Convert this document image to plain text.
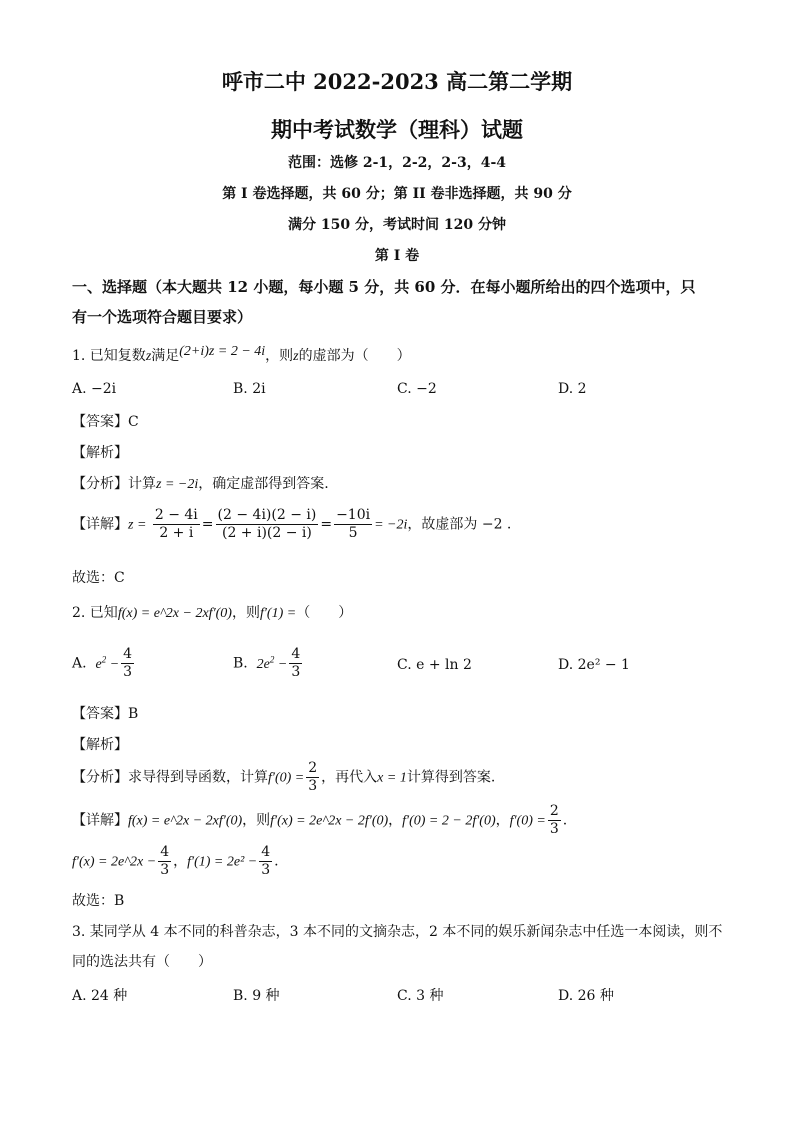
呼市二中 2022-2023 高二第二学期
期中考试数学（理科）试题
范围：选修 2-1，2-2，2-3，4-4
第 I 卷选择题，共 60 分；第 II 卷非选择题，共 90 分
满分 150 分，考试时间 120 分钟
第 I 卷
一、选择题（本大题共 12 小题，每小题 5 分，共 60 分．在每小题所给出的四个选项中，只
有一个选项符合题目要求）
1. 已知复数z满足(2+i)z = 2 − 4i，则z的虚部为（　　）
A. −2i	B. 2i	C. −2	D. 2
【答案】C
【解析】
【分析】计算z = −2i，确定虚部得到答案.
【详解】$z = \frac{2 - 4i}{2 + i} = \frac{(2 - 4i)(2 - i)}{(2 + i)(2 - i)} = \frac{-10i}{5} = -2i$，故虚部为 −2 .
故选：C
2. 已知f(x) = e^2x − 2xf′(0)，则f′(1) =（　　）
A. $e^2 - \frac{4}{3}$	B. $2e^2 - \frac{4}{3}$	C. e + ln 2	D. 2e² − 1
【答案】B
【解析】
【分析】求导得到导函数，计算$f'(0) = \frac{2}{3}$ ，再代入x = 1计算得到答案.
【详解】f(x) = e^2x − 2xf′(0)，则f′(x) = 2e^2x − 2f′(0)，f′(0) = 2 − 2f′(0)，$f'(0) = \frac{2}{3}$ .
f′(x) = 2e^2x − $\frac{4}{3}$ ，$f'(1) = 2e^2 - \frac{4}{3}$ .
故选：B
3. 某同学从 4 本不同的科普杂志，3 本不同的文摘杂志，2 本不同的娱乐新闻杂志中任选一本阅读，则不
同的选法共有（　　）
A. 24 种	B. 9 种	C. 3 种	D. 26 种
